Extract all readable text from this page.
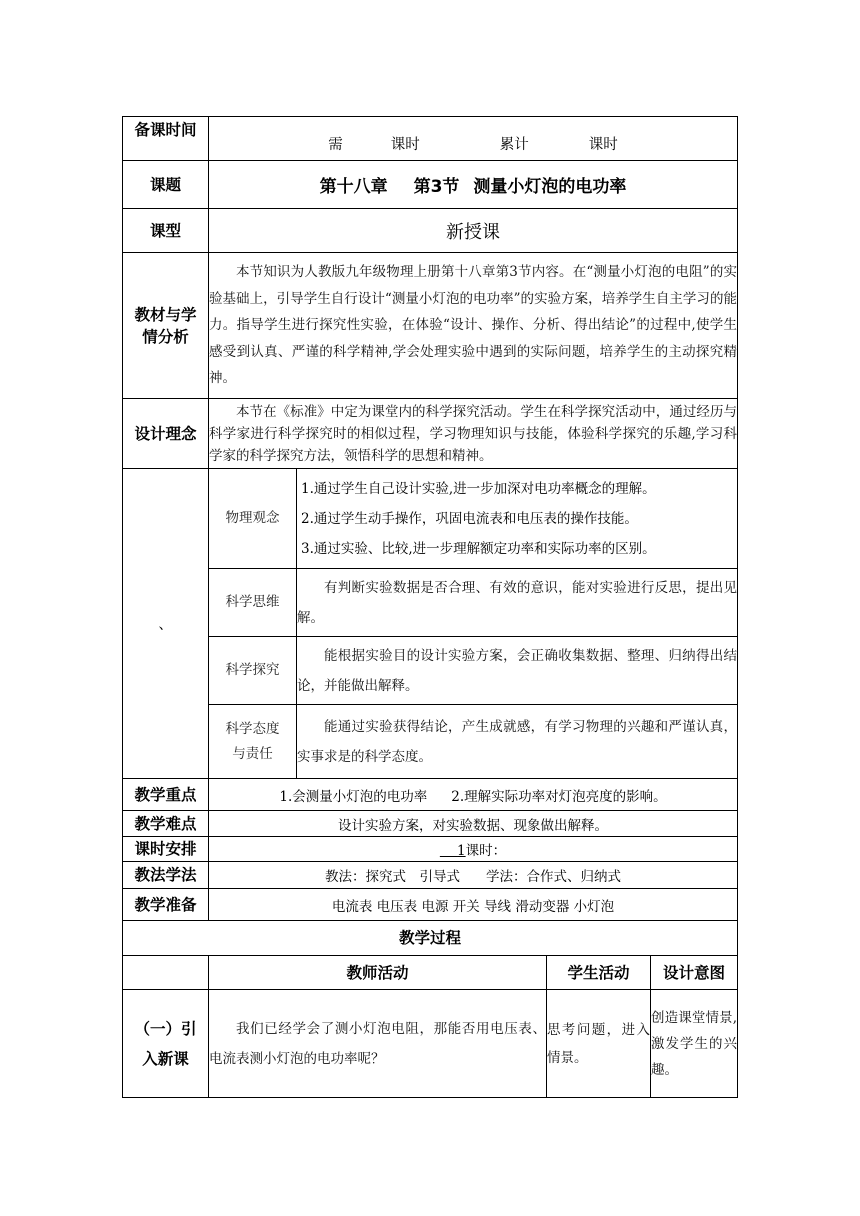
备课时间	需 课时 累计 课时			
课题	第十八章 第3节 测量小灯泡的电功率			
课型	新授课			

教材与学
情分析	本节知识为人教版九年级物理上册第十八章第3节内容。在“测量小灯泡的电阻”的实验基础上，引导学生自行设计“测量小灯泡的电功率”的实验方案，培养学生自主学习的能力。指导学生进行探究性实验，在体验“设计、操作、分析、得出结论”的过程中,使学生感受到认真、严谨的科学精神,学会处理实验中遇到的实际问题，培养学生的主动探究精神。			
设计理念	本节在《标准》中定为课堂内的科学探究活动。学生在科学探究活动中，通过经历与科学家进行科学探究时的相似过程，学习物理知识与技能，体验科学探究的乐趣,学习科学家的科学探究方法，领悟科学的思想和精神。			
、	物理观念	1.通过学生自己设计实验,进一步加深对电功率概念的理解。
2.通过学生动手操作，巩固电流表和电压表的操作技能。
3.通过实验、比较,进一步理解额定功率和实际功率的区别。		

	科学思维	有判断实验数据是否合理、有效的意识，能对实验进行反思，提出见解。		
	科学探究	能根据实验目的设计实验方案，会正确收集数据、整理、归纳得出结论，并能做出解释。		

	科学态度
与责任	能通过实验获得结论，产生成就感，有学习物理的兴趣和严谨认真，实事求是的科学态度。		
教学重点	1.会测量小灯泡的电功率 2.理解实际功率对灯泡亮度的影响。			
教学难点	设计实验方案，对实验数据、现象做出解释。			
课时安排	1课时：			
教法学法	教法：探究式　引导式 学法：合作式、归纳式			
教学准备	电流表 电压表 电源 开关 导线 滑动变器 小灯泡			
教学过程				
	教师活动		学生活动	设计意图
（一）引入新课	我们已经学会了测小灯泡电阻，那能否用电压表、电流表测小灯泡的电功率呢？		思考问题，进入情景。	创造课堂情景,激发学生的兴趣。
